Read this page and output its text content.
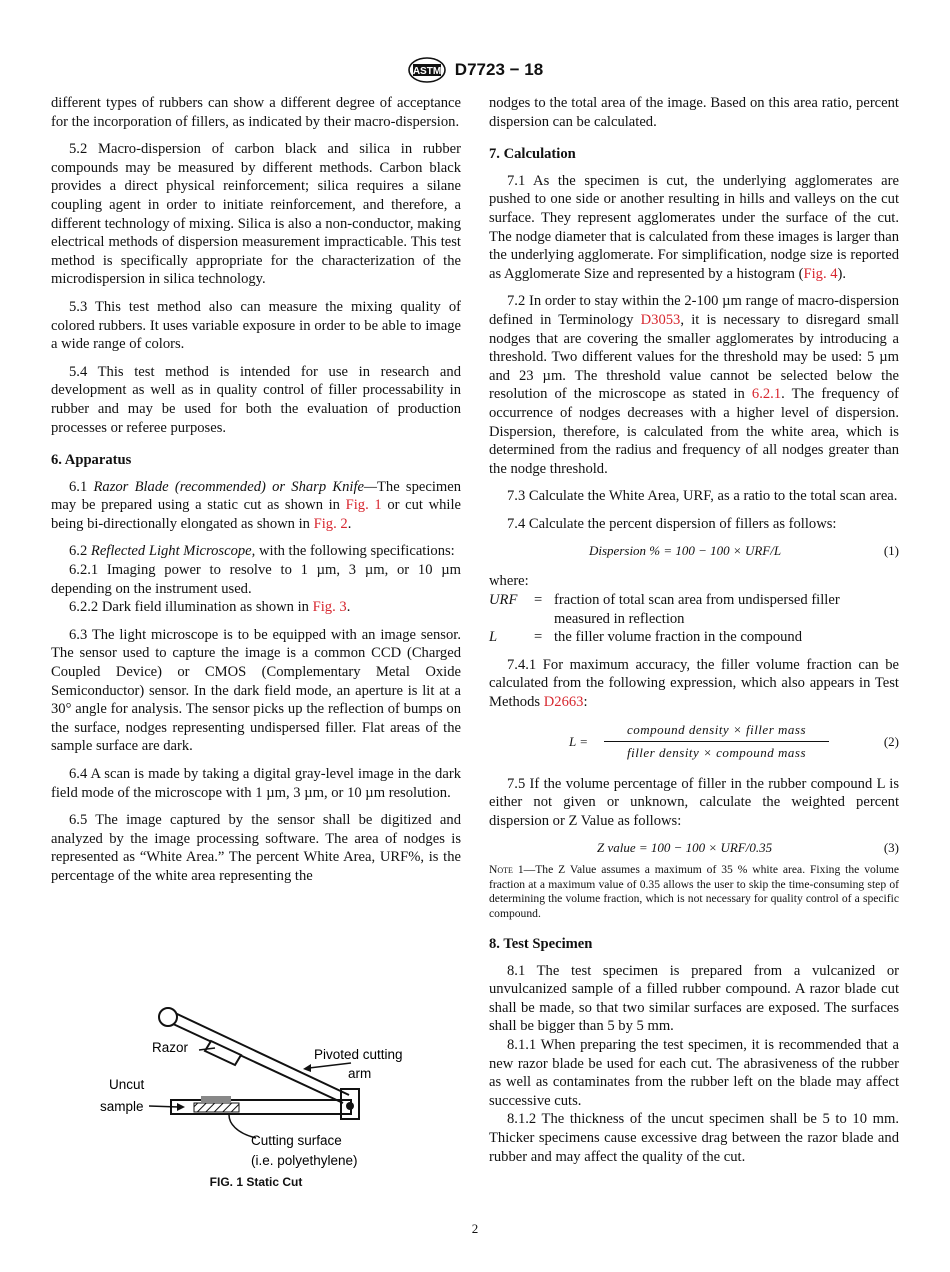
ASTM D7723 − 18

different types of rubbers can show a different degree of acceptance for the incorporation of fillers, as indicated by their macro-dispersion.

5.2 Macro-dispersion of carbon black and silica in rubber compounds may be measured by different methods. Carbon black provides a direct physical reinforcement; silica requires a silane coupling agent in order to initiate reinforcement, and therefore, a different technology of mixing. Silica is also a non-conductor, making electrical methods of dispersion measurement impracticable. This test method is specifically appropriate for the characterization of the microdispersion in silica technology.

5.3 This test method also can measure the mixing quality of colored rubbers. It uses variable exposure in order to be able to image a wide range of colors.

5.4 This test method is intended for use in research and development as well as in quality control of filler processability in rubber and may be used for both the evaluation of production processes or referee purposes.

6. Apparatus

6.1 Razor Blade (recommended) or Sharp Knife—The specimen may be prepared using a static cut as shown in Fig. 1 or cut while being bi-directionally elongated as shown in Fig. 2.

6.2 Reflected Light Microscope, with the following specifications:

6.2.1 Imaging power to resolve to 1 µm, 3 µm, or 10 µm depending on the instrument used.

6.2.2 Dark field illumination as shown in Fig. 3.

6.3 The light microscope is to be equipped with an image sensor. The sensor used to capture the image is a common CCD (Charged Coupled Device) or CMOS (Complementary Metal Oxide Semiconductor) sensor. In the dark field mode, an aperture is lit at a 30° angle for analysis. The sensor picks up the reflection of bumps on the surface, nodges representing undispersed filler. Flat areas of the sample surface are dark.

6.4 A scan is made by taking a digital gray-level image in the dark field mode of the microscope with 1 µm, 3 µm, or 10 µm resolution.

6.5 The image captured by the sensor shall be digitized and analyzed by the image processing software. The area of nodges is represented as “White Area.” The percent White Area, URF%, is the percentage of the white area representing the

Razor	Pivoted cutting
arm
Uncut
sample
Cutting surface
(i.e. polyethylene)
FIG. 1 Static Cut

nodges to the total area of the image. Based on this area ratio, percent dispersion can be calculated.

7. Calculation

7.1 As the specimen is cut, the underlying agglomerates are pushed to one side or another resulting in hills and valleys on the cut surface. They represent agglomerates under the surface of the cut. The nodge diameter that is calculated from these images is larger than the underlying agglomerate. For simplification, nodge size is reported as Agglomerate Size and represented by a histogram (Fig. 4).

7.2 In order to stay within the 2-100 µm range of macro-dispersion defined in Terminology D3053, it is necessary to disregard small nodges that are covering the smaller agglomerates by introducing a threshold. Two different values for the threshold may be used: 5 µm and 23 µm. The threshold value cannot be selected below the resolution of the microscope as stated in 6.2.1. The frequency of occurrence of nodges decreases with a higher level of dispersion. Dispersion, therefore, is calculated from the white area, which is determined from the radius and frequency of all nodges greater than the nodge threshold.

7.3 Calculate the White Area, URF, as a ratio to the total scan area.

7.4 Calculate the percent dispersion of fillers as follows:

Dispersion % = 100 − 100 × URF/L	(1)

where:

URF = fraction of total scan area from undispersed filler measured in reflection
L	= the filler volume fraction in the compound

7.4.1 For maximum accuracy, the filler volume fraction can be calculated from the following expression, which also appears in Test Methods D2663:

L =
compound density × filler mass
filler density × compound mass
(2)

7.5 If the volume percentage of filler in the rubber compound L is either not given or unknown, calculate the weighted percent dispersion or Z Value as follows:

Z value = 100 − 100 × URF/0.35	(3)

Note 1—The Z Value assumes a maximum of 35 % white area. Fixing the volume fraction at a maximum value of 0.35 allows the user to skip the time-consuming step of determining the volume fraction, which is not necessary for quality control of a specific compound.

8. Test Specimen

8.1 The test specimen is prepared from a vulcanized or unvulcanized sample of a filled rubber compound. A razor blade cut shall be made, so that two similar surfaces are exposed. The surfaces shall be bigger than 5 by 5 mm.

8.1.1 When preparing the test specimen, it is recommended that a new razor blade be used for each cut. The abrasiveness of the rubber as well as contaminates from the rubber left on the blade may affect successive cuts.

8.1.2 The thickness of the uncut specimen shall be 5 to 10 mm. Thicker specimens cause excessive drag between the razor blade and rubber and may affect the quality of the cut.

2
